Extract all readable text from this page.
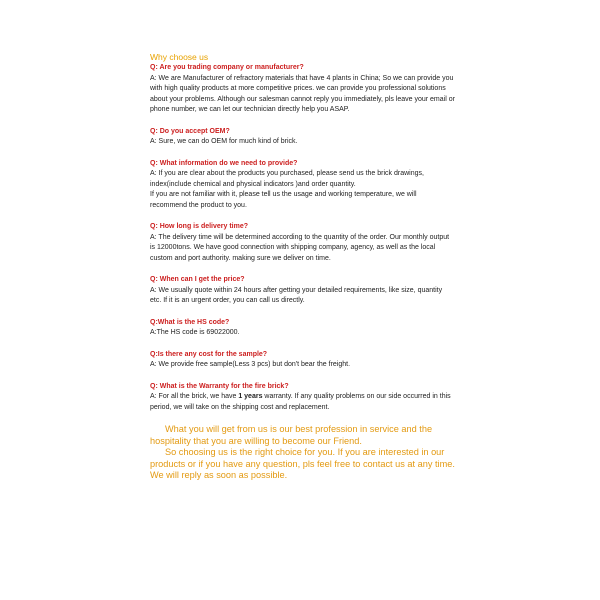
Why choose us

Q: Are you trading company or manufacturer?

A: We are Manufacturer of refractory materials that have 4 plants in China; So we can provide you with high quality products at more competitive prices. we can provide you professional solutions about your problems. Although our salesman cannot reply you immediately, pls leave your email or phone number, we can let our technician directly help you ASAP.

Q: Do you accept OEM?

A: Sure, we can do OEM for much kind of brick.

Q: What information do we need to provide?

A: If you are clear about the products you purchased, please send us the brick drawings, index(include chemical and physical indicators )and order quantity.

If you are not familiar with it, please tell us the usage and working temperature, we will recommend the product to you.

Q: How long is delivery time?

A: The delivery time will be determined according to the quantity of the order. Our monthly output is 12000tons. We have good connection with shipping company, agency, as well as the local custom and port authority. making sure we deliver on time.

Q: When can I get the price?

A: We usually quote within 24 hours after getting your detailed requirements, like size, quantity etc. If it is an urgent order, you can call us directly.

Q:What is the HS code?

A:The HS code is 69022000.

Q:Is there any cost for the sample?

A: We provide free sample(Less 3 pcs) but don't bear the freight.

Q: What is the Warranty for the fire brick?

A: For all the brick, we have 1 years warranty. If any quality problems on our side occurred in this period, we will take on the shipping cost and replacement.

What you will get from us is our best profession in service and the hospitality that you are willing to become our Friend.

So choosing us is the right choice for you. If you are interested in our products or if you have any question, pls feel free to contact us at any time. We will reply as soon as possible.
